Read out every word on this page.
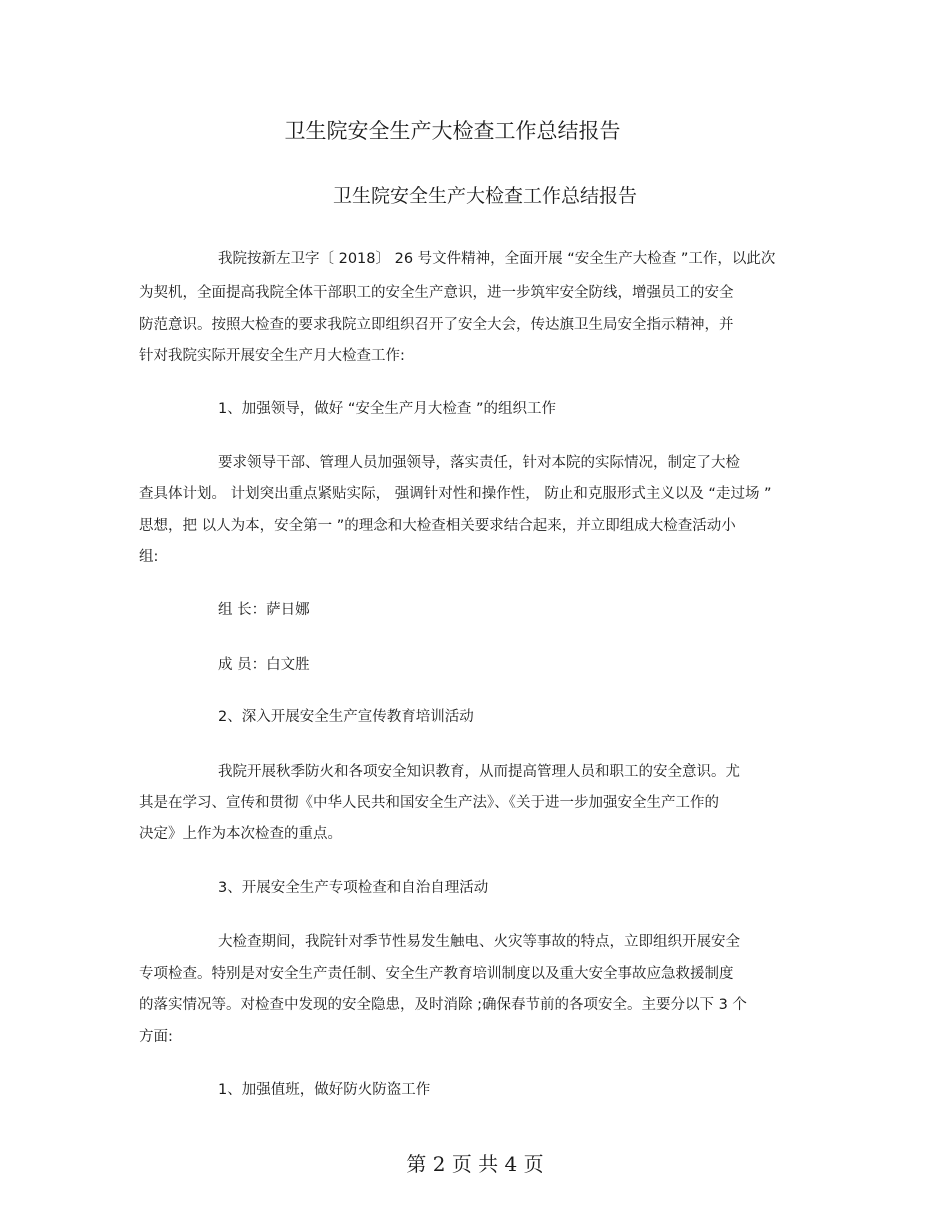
卫生院安全生产大检查工作总结报告
卫生院安全生产大检查工作总结报告
我院按新左卫字〔 2018〕 26 号文件精神，全面开展 “安全生产大检查 ”工作，以此次
为契机，全面提高我院全体干部职工的安全生产意识，进一步筑牢安全防线，增强员工的安全
防范意识。按照大检查的要求我院立即组织召开了安全大会，传达旗卫生局安全指示精神，并
针对我院实际开展安全生产月大检查工作:
1、加强领导，做好 “安全生产月大检查 ”的组织工作
要求领导干部、管理人员加强领导，落实责任，针对本院的实际情况，制定了大检
查具体计划。 计划突出重点紧贴实际， 强调针对性和操作性， 防止和克服形式主义以及 “走过场 ”
思想，把 以人为本，安全第一 ”的理念和大检查相关要求结合起来，并立即组成大检查活动小
组:
组 长：萨日娜
成 员：白文胜
2、深入开展安全生产宣传教育培训活动
我院开展秋季防火和各项安全知识教育，从而提高管理人员和职工的安全意识。尤
其是在学习、宣传和贯彻《中华人民共和国安全生产法》、《关于进一步加强安全生产工作的
决定》上作为本次检查的重点。
3、开展安全生产专项检查和自治自理活动
大检查期间，我院针对季节性易发生触电、火灾等事故的特点，立即组织开展安全
专项检查。特别是对安全生产责任制、安全生产教育培训制度以及重大安全事故应急救援制度
的落实情况等。对检查中发现的安全隐患，及时消除 ;确保春节前的各项安全。主要分以下 3 个
方面:
1、加强值班，做好防火防盗工作
第 2 页 共 4 页
